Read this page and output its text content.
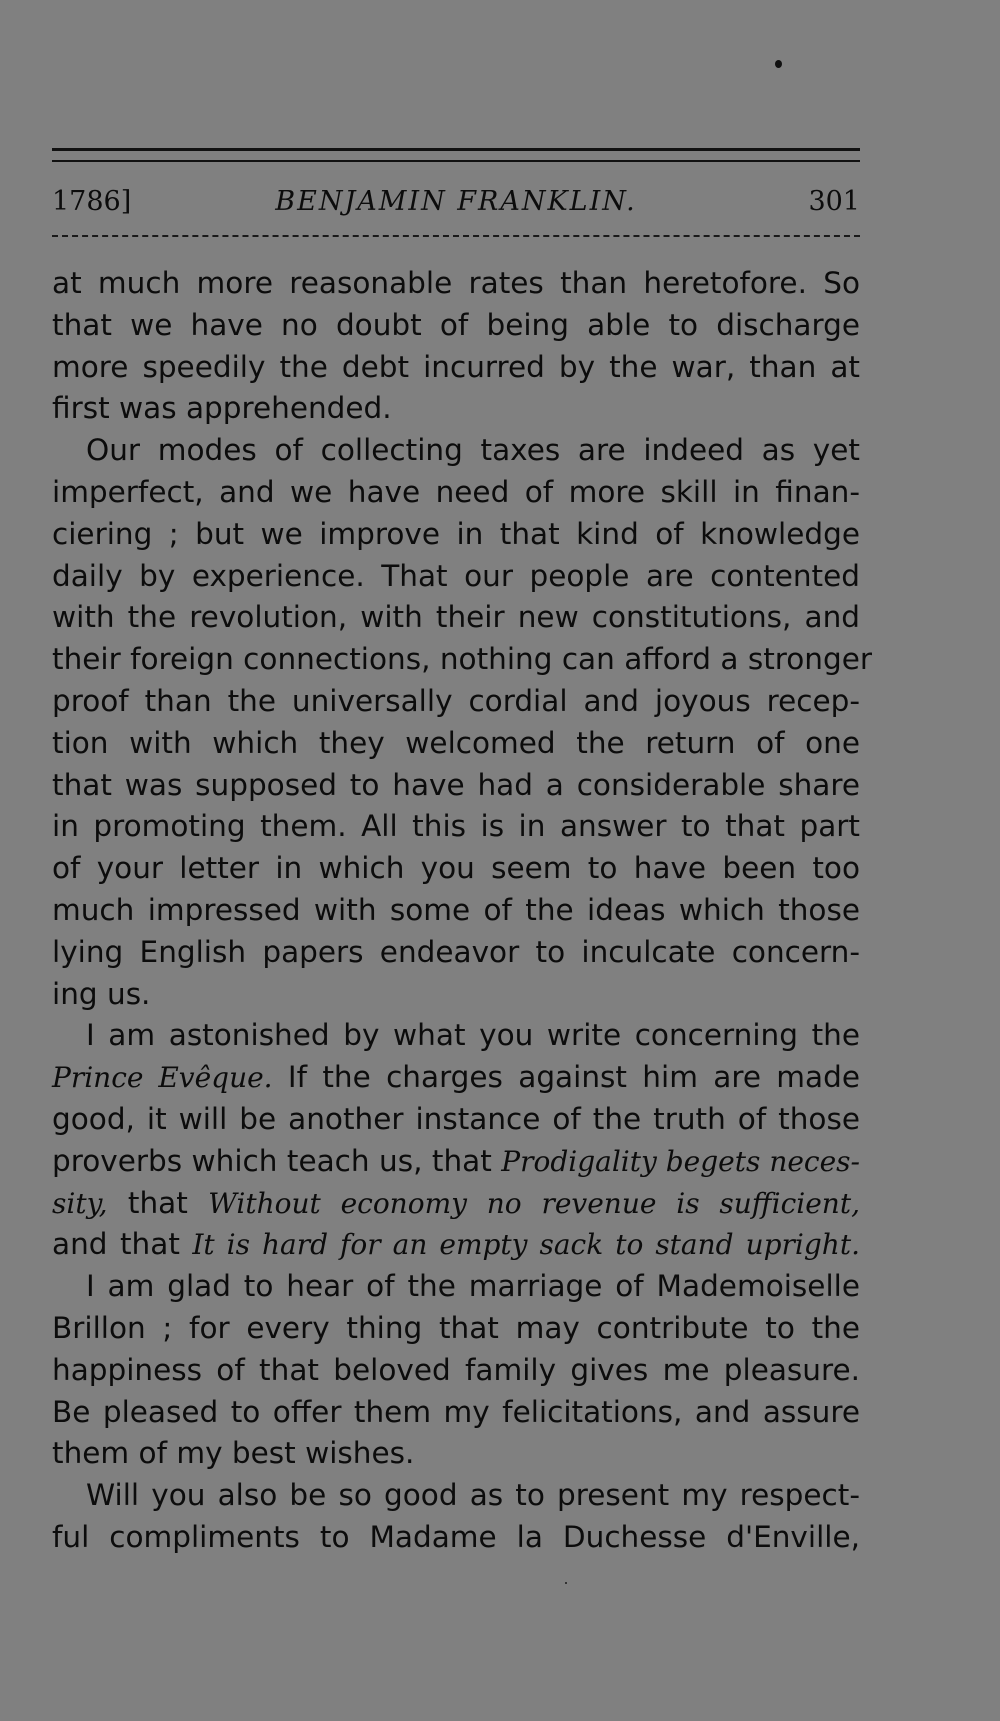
1786]	BENJAMIN FRANKLIN.	301
at much more reasonable rates than heretofore. So
that we have no doubt of being able to discharge
more speedily the debt incurred by the war, than at
first was apprehended.
Our modes of collecting taxes are indeed as yet
imperfect, and we have need of more skill in finan-
ciering ; but we improve in that kind of knowledge
daily by experience. That our people are contented
with the revolution, with their new constitutions, and
their foreign connections, nothing can afford a stronger
proof than the universally cordial and joyous recep-
tion with which they welcomed the return of one
that was supposed to have had a considerable share
in promoting them. All this is in answer to that part
of your letter in which you seem to have been too
much impressed with some of the ideas which those
lying English papers endeavor to inculcate concern-
ing us.
I am astonished by what you write concerning the
Prince Evêque. If the charges against him are made
good, it will be another instance of the truth of those
proverbs which teach us, that Prodigality begets neces-
sity, that Without economy no revenue is sufficient,
and that It is hard for an empty sack to stand upright.
I am glad to hear of the marriage of Mademoiselle
Brillon ; for every thing that may contribute to the
happiness of that beloved family gives me pleasure.
Be pleased to offer them my felicitations, and assure
them of my best wishes.
Will you also be so good as to present my respect-
ful compliments to Madame la Duchesse d'Enville,
